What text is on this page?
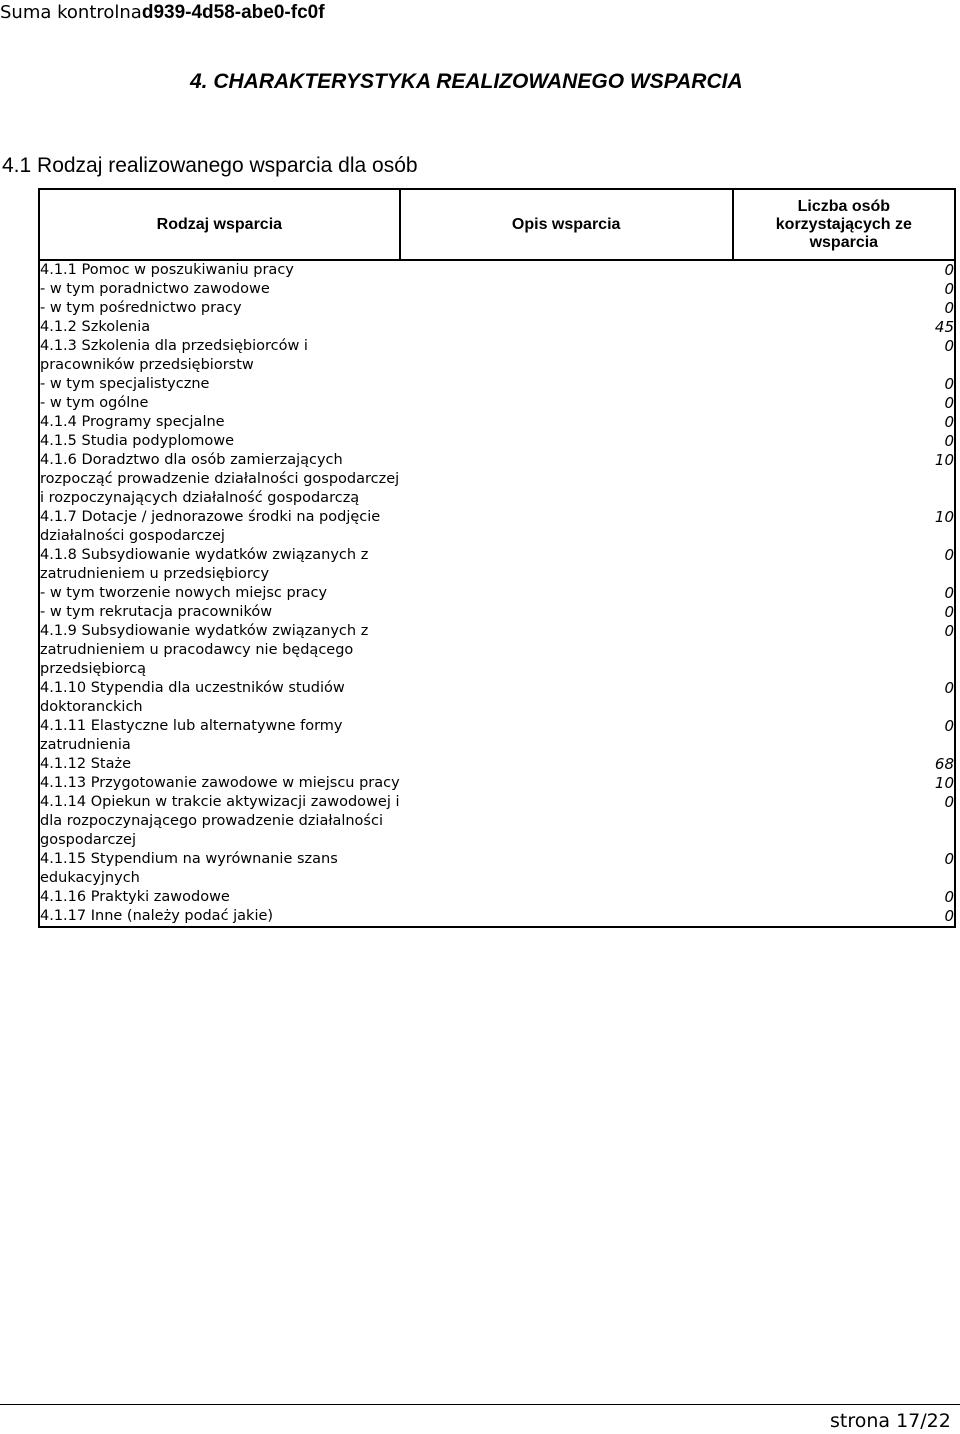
Suma kontrolnad939-4d58-abe0-fc0f
4. CHARAKTERYSTYKA REALIZOWANEGO WSPARCIA
4.1 Rodzaj realizowanego wsparcia dla osób
Rodzaj wsparcia	Opis wsparcia	Liczba osób korzystających ze wsparcia

4.1.1 Pomoc w poszukiwaniu pracy		0

- w tym poradnictwo zawodowe		0

- w tym pośrednictwo pracy		0

4.1.2 Szkolenia		45

4.1.3 Szkolenia dla przedsiębiorców i
pracowników przedsiębiorstw		0

- w tym specjalistyczne		0

- w tym ogólne		0

4.1.4 Programy specjalne		0

4.1.5 Studia podyplomowe		0

4.1.6 Doradztwo dla osób zamierzających
rozpocząć prowadzenie działalności gospodarczej
i rozpoczynających działalność gospodarczą		10

4.1.7 Dotacje / jednorazowe środki na podjęcie
działalności gospodarczej		10

4.1.8 Subsydiowanie wydatków związanych z
zatrudnieniem u przedsiębiorcy		0

- w tym tworzenie nowych miejsc pracy		0

- w tym rekrutacja pracowników		0

4.1.9 Subsydiowanie wydatków związanych z
zatrudnieniem u pracodawcy nie będącego
przedsiębiorcą		0

4.1.10 Stypendia dla uczestników studiów
doktoranckich		0

4.1.11 Elastyczne lub alternatywne formy
zatrudnienia		0

4.1.12 Staże		68

4.1.13 Przygotowanie zawodowe w miejscu pracy		10

4.1.14 Opiekun w trakcie aktywizacji zawodowej i
dla rozpoczynającego prowadzenie działalności
gospodarczej		0

4.1.15 Stypendium na wyrównanie szans
edukacyjnych		0

4.1.16 Praktyki zawodowe		0

4.1.17 Inne (należy podać jakie)		0
strona 17/22
